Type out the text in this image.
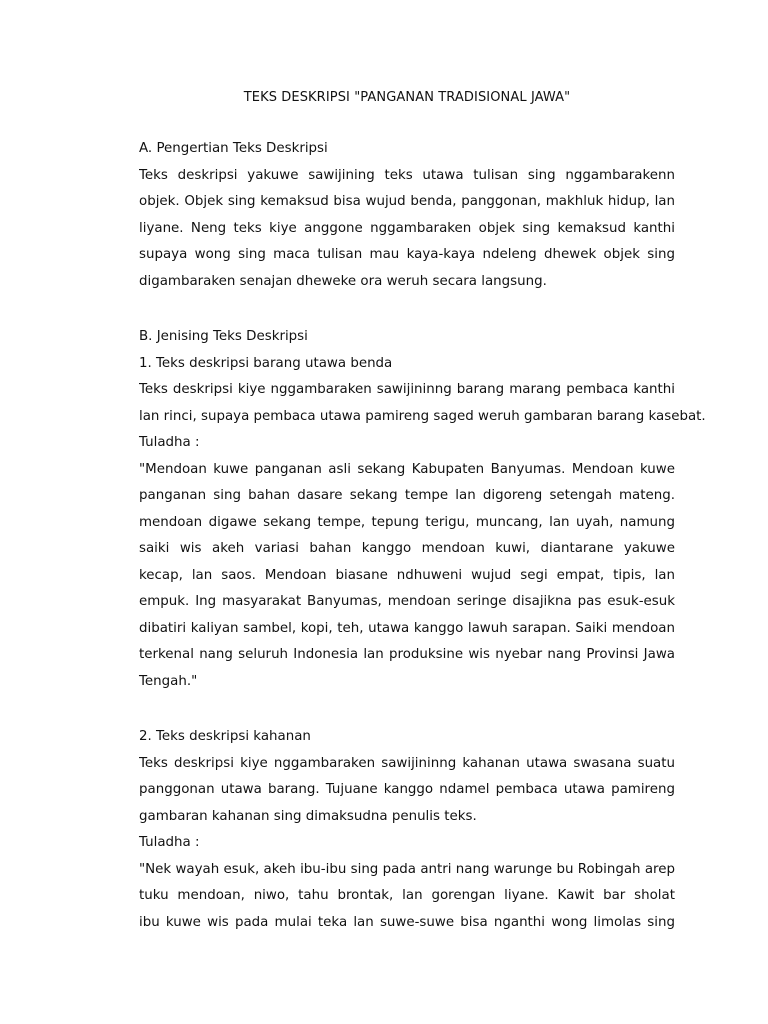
TEKS DESKRIPSI "PANGANAN TRADISIONAL JAWA"
A. Pengertian Teks Deskripsi
Teks deskripsi yakuwe sawijining teks utawa tulisan sing nggambarakenn
objek. Objek sing kemaksud bisa wujud benda, panggonan, makhluk hidup, lan
liyane. Neng teks kiye anggone nggambaraken objek sing kemaksud kanthi
supaya wong sing maca tulisan mau kaya-kaya ndeleng dhewek objek sing
digambaraken senajan dheweke ora weruh secara langsung.
B. Jenising Teks Deskripsi
1. Teks deskripsi barang utawa benda
Teks deskripsi kiye nggambaraken sawijininng barang marang pembaca kanthi
lan rinci, supaya pembaca utawa pamireng saged weruh gambaran barang kasebat.
Tuladha :
"Mendoan kuwe panganan asli sekang Kabupaten Banyumas. Mendoan kuwe
panganan sing bahan dasare sekang tempe lan digoreng setengah mateng.
mendoan digawe sekang tempe, tepung terigu, muncang, lan uyah, namung
saiki wis akeh variasi bahan kanggo mendoan kuwi, diantarane yakuwe
kecap, lan saos. Mendoan biasane ndhuweni wujud segi empat, tipis, lan
empuk. Ing masyarakat Banyumas, mendoan seringe disajikna pas esuk-esuk
dibatiri kaliyan sambel, kopi, teh, utawa kanggo lawuh sarapan. Saiki mendoan
terkenal nang seluruh Indonesia lan produksine wis nyebar nang Provinsi Jawa
Tengah."
2. Teks deskripsi kahanan
Teks deskripsi kiye nggambaraken sawijininng kahanan utawa swasana suatu
panggonan utawa barang. Tujuane kanggo ndamel pembaca utawa pamireng
gambaran kahanan sing dimaksudna penulis teks.
Tuladha :
"Nek wayah esuk, akeh ibu-ibu sing pada antri nang warunge bu Robingah arep
tuku mendoan, niwo, tahu brontak, lan gorengan liyane. Kawit bar sholat
ibu kuwe wis pada mulai teka lan suwe-suwe bisa nganthi wong limolas sing
